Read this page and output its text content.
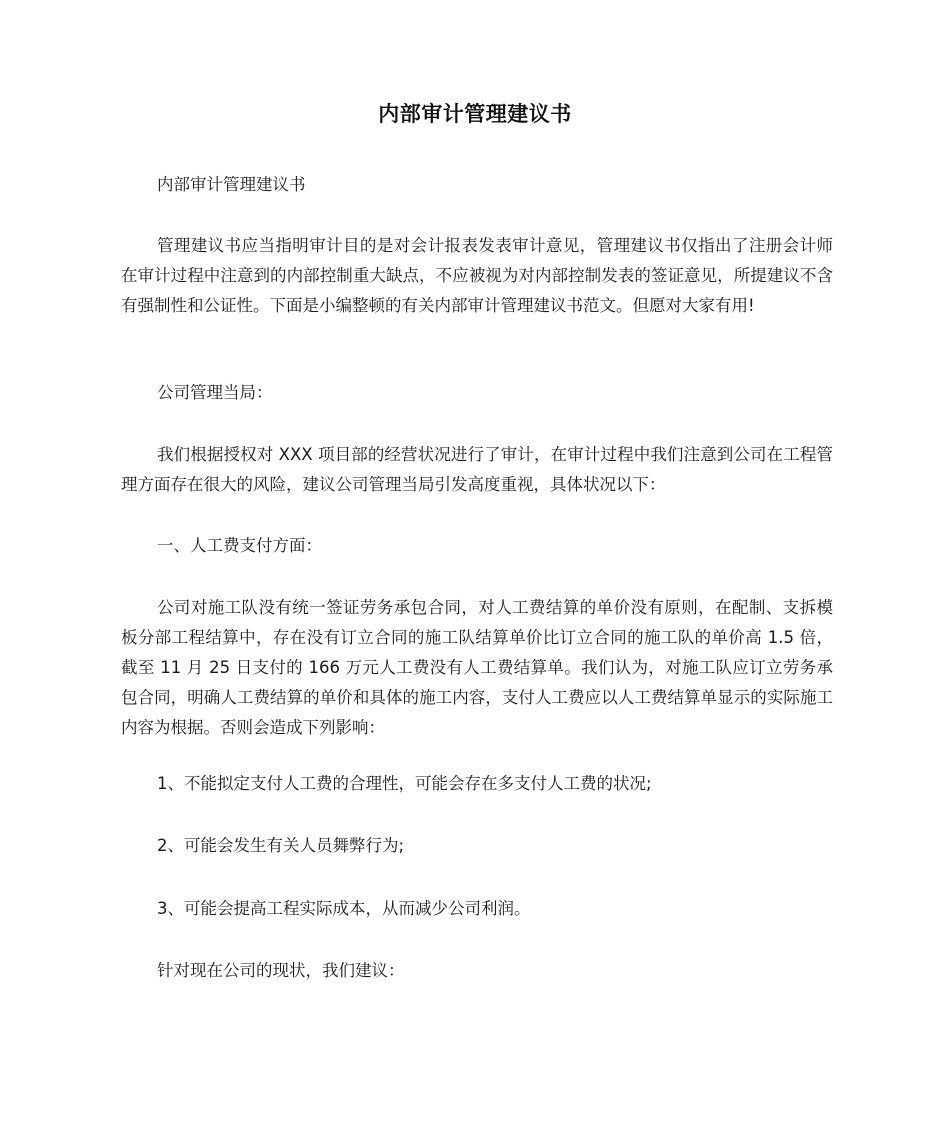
内部审计管理建议书

内部审计管理建议书

管理建议书应当指明审计目的是对会计报表发表审计意见，管理建议书仅指出了注册会计师在审计过程中注意到的内部控制重大缺点，不应被视为对内部控制发表的签证意见，所提建议不含有强制性和公证性。下面是小编整顿的有关内部审计管理建议书范文。但愿对大家有用!

公司管理当局：

我们根据授权对 XXX 项目部的经营状况进行了审计，在审计过程中我们注意到公司在工程管理方面存在很大的风险，建议公司管理当局引发高度重视，具体状况以下：

一、人工费支付方面：

公司对施工队没有统一签证劳务承包合同，对人工费结算的单价没有原则，在配制、支拆模板分部工程结算中，存在没有订立合同的施工队结算单价比订立合同的施工队的单价高 1.5 倍，截至 11 月 25 日支付的 166 万元人工费没有人工费结算单。我们认为，对施工队应订立劳务承包合同，明确人工费结算的单价和具体的施工内容，支付人工费应以人工费结算单显示的实际施工内容为根据。否则会造成下列影响：

1、不能拟定支付人工费的合理性，可能会存在多支付人工费的状况;

2、可能会发生有关人员舞弊行为;

3、可能会提高工程实际成本，从而减少公司利润。

针对现在公司的现状，我们建议：
